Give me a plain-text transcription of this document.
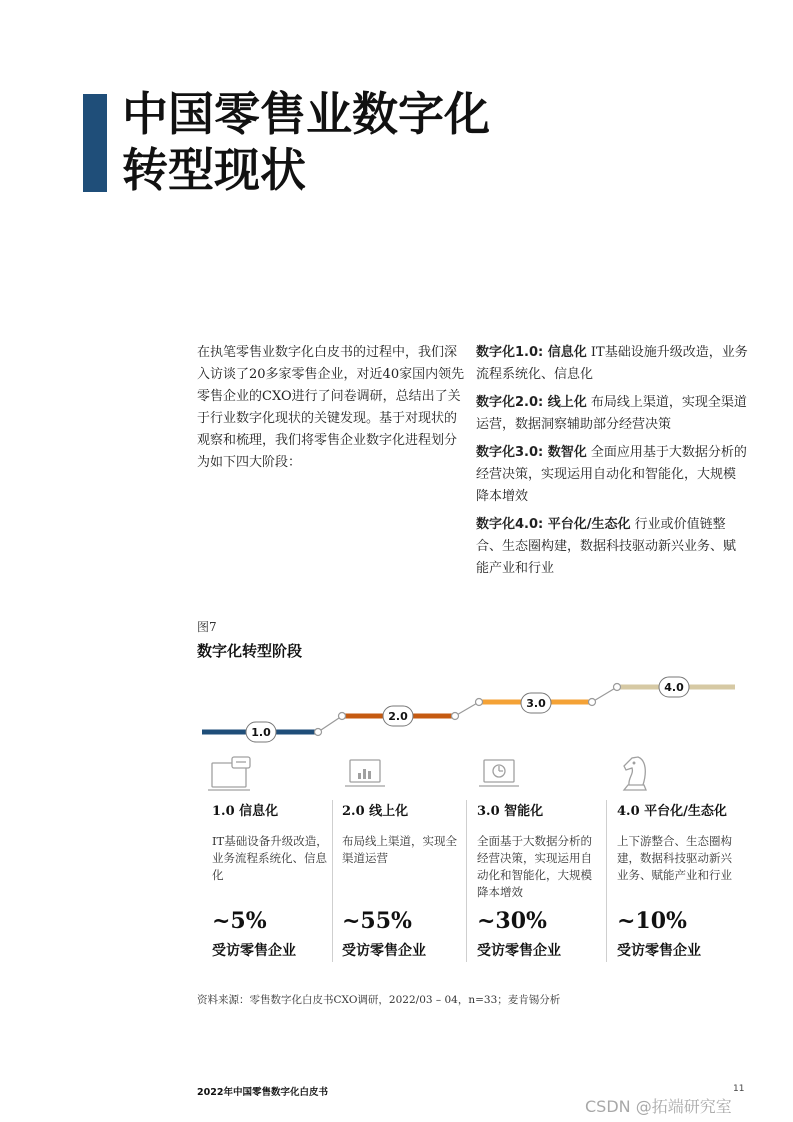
中国零售业数字化
转型现状

在执笔零售业数字化白皮书的过程中，我们深入访谈了20多家零售企业，对近40家国内领先零售企业的CXO进行了问卷调研，总结出了关于行业数字化现状的关键发现。基于对现状的观察和梳理，我们将零售企业数字化进程划分为如下四大阶段：

数字化1.0: 信息化 IT基础设施升级改造，业务流程系统化、信息化

数字化2.0: 线上化 布局线上渠道，实现全渠道运营，数据洞察辅助部分经营决策

数字化3.0: 数智化 全面应用基于大数据分析的经营决策，实现运用自动化和智能化，大规模降本增效

数字化4.0: 平台化/生态化 行业或价值链整合、生态圈构建，数据科技驱动新兴业务、赋能产业和行业

图7
数字化转型阶段
1.0
2.0
3.0
4.0
1.0 信息化
IT基础设备升级改造，业务流程系统化、信息化
~5%
受访零售企业
2.0 线上化
布局线上渠道，实现全渠道运营
~55%
受访零售企业
3.0 智能化
全面基于大数据分析的经营决策，实现运用自动化和智能化，大规模降本增效
~30%
受访零售企业
4.0 平台化/生态化
上下游整合、生态圈构建，数据科技驱动新兴业务、赋能产业和行业
~10%
受访零售企业
资料来源：零售数字化白皮书CXO调研，2022/03 – 04，n=33；麦肯锡分析
2022年中国零售数字化白皮书	11
CSDN @拓端研究室
